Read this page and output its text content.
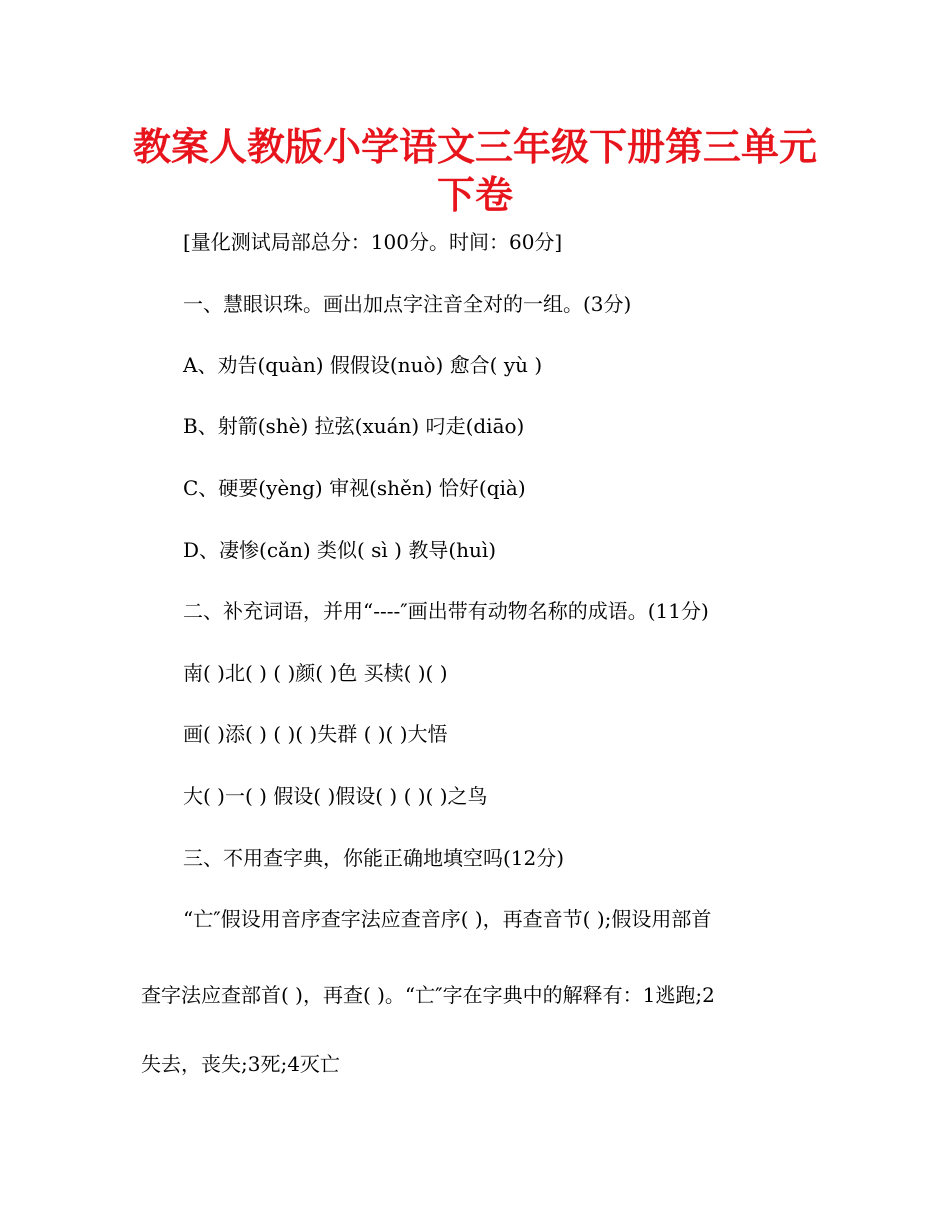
教案人教版小学语文三年级下册第三单元
下卷
[量化测试局部总分：100分。时间：60分]
一、慧眼识珠。画出加点字注音全对的一组。(3分)
A、劝告(quàn) 假假设(nuò) 愈合( yù )
B、射箭(shè) 拉弦(xuán) 叼走(diāo)
C、硬要(yèng) 审视(shěn) 恰好(qià)
D、凄惨(cǎn) 类似( sì ) 教导(huì)
二、补充词语，并用“----″画出带有动物名称的成语。(11分)
南( )北( ) ( )颜( )色 买椟( )( )
画( )添( ) ( )( )失群 ( )( )大悟
大( )一( ) 假设( )假设( ) ( )( )之鸟
三、不用查字典，你能正确地填空吗(12分)
“亡″假设用音序查字法应查音序( )，再查音节( );假设用部首
查字法应查部首( )，再查( )。“亡″字在字典中的解释有：1逃跑;2
失去，丧失;3死;4灭亡
